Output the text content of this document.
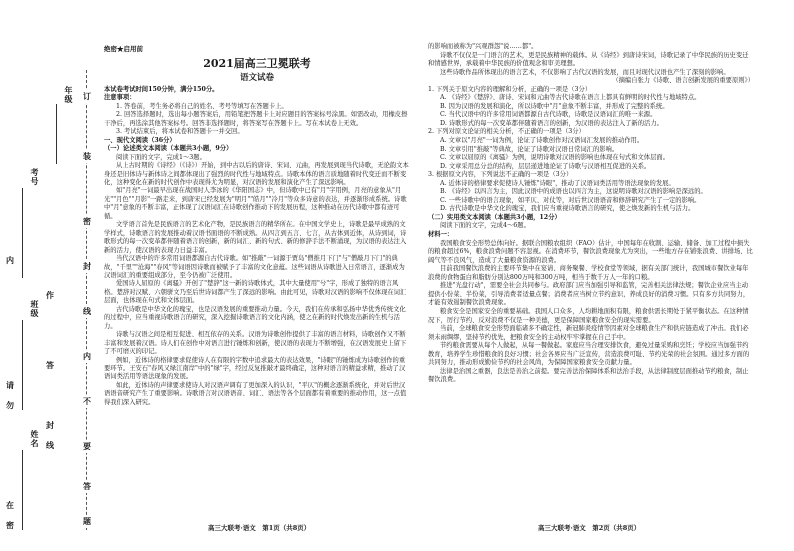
年级
考号
班级
姓名
订
装
密
封
线
内
不
要
答
题
请
勿
在
密
封
线
内
作
答
绝密★启用前
2021届高三卫冕联考
语文试卷

本试卷考试时间150分钟，满分150分。

注意事项：

1. 答卷前，考生务必将自己的姓名、考号等填写在答题卡上。

2. 回答选择题时，选出每小题答案后，用铅笔把答题卡上对应题目的答案标号涂黑。如需改动，用橡皮擦干净后，再选涂其他答案标号。回答非选择题时，将答案写在答题卡上。写在本试卷上无效。

3. 考试结束后，将本试卷和答题卡一并交回。

一、现代文阅读（36分）

（一）论述类文本阅读（本题共3小题，9分）

阅读下面的文字，完成1～3题。

从上古时期的《诗经》（《诗》）开始，到中古以后的唐诗、宋词、元曲，再发展到现当代诗歌，无论韵文本身还是旧体诗与新体诗之间都体现出了强烈的时代性与地域特点。诗歌本体的语言质地随着时代变迁而不断变化，这种变化在新的时代创作中表现得尤为明显，对汉语的发展和演化产生了深远影响。

如"月亮"一词最早出现在战国时人李冰的《华阳国志》中，但诗歌中已有"月"字用例，月亮的意象从"月光""月色""月影"一路走来，到唐宋已经发展为"明月""皓月""冷月"等众多诗意的表达，并逐渐形成系统。诗歌中"月"意象的不断丰富，正体现了汉语词汇在诗歌创作推动下的发展历程，这种推动在历代诗歌中都有迹可循。

文学语言首先是民族语言的艺术化产物，是民族语言的精华所在。在中国文学史上，诗歌是最早成熟的文学样式，诗歌语言的发展推动着汉语书面语的不断成熟。从四言到五言、七言，从古体到近体，从诗到词，诗歌形式的每一次变革都伴随着语言的创新，新的词汇、新的句式、新的修辞手法不断涌现，为汉语的表达注入新的活力，使汉语的表现力日益丰富。

当代汉语中的许多常用词语都源自古代诗歌。如"推敲"一词源于贾岛"僧推月下门"与"僧敲月下门"的典故，"千里""沧海""春风"等词语因诗歌而被赋予了丰富的文化意蕴。这些词语从诗歌进入日常语言，逐渐成为汉语词汇的重要组成部分，至今仍被广泛使用。

爱国诗人屈原的《离骚》开创了"楚辞"这一新的诗歌体式，其中大量使用"兮"字，形成了独特的语言风格。楚辞对汉赋、六朝骈文乃至后世诗词都产生了深远的影响。由此可见，诗歌对汉语的影响不仅体现在词汇层面，也体现在句式和文体层面。

古代诗歌是中华文化的瑰宝，也是汉语发展的重要推动力量。今天，我们在传承和弘扬中华优秀传统文化的过程中，应当重视诗歌语言的研究，深入挖掘诗歌语言的文化内涵，使之在新的时代焕发出新的生机与活力。

诗歌与汉语之间是相互促进、相互依存的关系。汉语为诗歌创作提供了丰富的语言材料，诗歌创作又不断丰富和发展着汉语。诗人们在创作中对语言进行锤炼和创新，使汉语的表现力不断增强，在汉语发展史上留下了不可磨灭的印记。

例如，近体诗的格律要求促使诗人在有限的字数中追求最大的表达效果，"诗眼"的锤炼成为诗歌创作的重要环节。王安石"春风又绿江南岸"中的"绿"字，经过反复推敲才最终确定，这种对语言的精益求精，推动了汉语词类活用等语法现象的发展。

如此，近体诗的声律要求使诗人对汉语声调有了更加深入的认识，"平仄"的概念逐渐系统化，并对后世汉语语音研究产生了重要影响。诗歌语言对汉语语音、词汇、语法等各个层面都有着重要的推动作用，这一点值得我们深入研究。

的影响而被称为"兴观群怨"说……都"。

诗歌不仅仅是一门语言的艺术，更是民族精神的载体。从《诗经》到唐诗宋词，诗歌记录了中华民族的历史变迁和情感世界，承载着中华民族的价值观念和审美理想。

这些诗歌作品所体现出的语言艺术，不仅影响了古代汉语的发展，而且对现代汉语也产生了深刻的影响。

（摘编自张力《诗歌、语言创新发展的重要原则》）

1. 下列关于原文内容的理解和分析，正确的一项是（3分）

A. 《诗经》《楚辞》、唐诗、宋词和元曲等古代诗歌在语言上都具有鲜明的时代性与地域特点。

B. 因为汉语的发展和演化，所以诗歌中"月"意象不断丰富，并形成了完整的系统。

C. 当代汉语中的许多常用词语都源自古代诗歌，诗歌是汉语词汇的唯一来源。

D. 诗歌形式的每一次变革都伴随着语言的创新，为汉语的表达注入了新的活力。

2. 下列对原文论证的相关分析，不正确的一项是（3分）

A. 文章以"月亮"一词为例，论证了诗歌创作对汉语词汇发展的推动作用。

B. 文章引用"推敲"等典故，论证了诗歌对汉语日常词汇的影响。

C. 文章以屈原的《离骚》为例，说明诗歌对汉语的影响也体现在句式和文体层面。

D. 文章采用总分总的结构，层层递进地论证了诗歌与汉语相互促进的关系。

3. 根据原文内容，下列说法不正确的一项是（3分）

A. 近体诗的格律要求促使诗人锤炼"诗眼"，推动了汉语词类活用等语法现象的发展。

B. 《诗经》以四言为主，因此汉语中的成语也以四言为主，这说明诗歌对汉语的影响是深远的。

C. 一些诗歌中的语言现象，如平仄、对仗等，对后世汉语语音和修辞研究产生了一定的影响。

D. 古代诗歌是中华文化的瑰宝，我们应当重视诗歌语言的研究，使之焕发新的生机与活力。

（二）实用类文本阅读（本题共3小题，12分）

阅读下面的文字，完成4～6题。

材料一：

我国粮食安全形势总体向好。据联合国粮农组织（FAO）估计，中国每年在收割、运输、储备、加工过程中损失的粮食超过6%，粮食浪费问题不容忽视。在消费环节，餐饮浪费现象尤为突出，一些地方存在铺张浪费、讲排场、比阔气等不良风气，造成了大量粮食资源的浪费。

目前我国餐饮浪费的主要环节集中在宴请、商务聚餐、学校食堂等领域，据有关部门统计，我国城市餐饮业每年浪费的食物蛋白和脂肪分别达800万吨和300万吨，相当于数千万人一年的口粮。

推进"光盘行动"，需要全社会共同参与。政府部门应当加强引导和监管，完善相关法律法规；餐饮企业应当主动提供小份菜、半份菜，引导消费者适量点餐；消费者应当树立节约意识，养成良好的消费习惯。只有多方共同努力，才能有效遏制餐饮浪费现象。

粮食安全是国家安全的重要基础。我国人口众多，人均耕地面积有限，粮食供需长期处于紧平衡状态。在这种情况下，厉行节约、反对浪费不仅是一种美德，更是保障国家粮食安全的现实需要。

当前，全球粮食安全形势面临诸多不确定性，新冠肺炎疫情等因素对全球粮食生产和供应链造成了冲击。我们必须未雨绸缪，坚持节约优先，把粮食安全的主动权牢牢掌握在自己手中。

节约粮食需要从每个人做起，从每一餐做起。家庭应当合理安排饮食，避免过量采购和烹饪；学校应当加强节约教育，培养学生珍惜粮食的良好习惯；社会各界应当广泛宣传，营造浪费可耻、节约光荣的社会氛围。通过多方面的共同努力，推动形成勤俭节约的社会风尚，为保障国家粮食安全贡献力量。

法律是治国之重器，良法是善治之前提。要完善法治保障体系和法治手段，从法律制度层面推动节约粮食，制止餐饮浪费。

高三大联考·语文　第1页（共8页）	高三大联考·语文　第2页（共8页）
